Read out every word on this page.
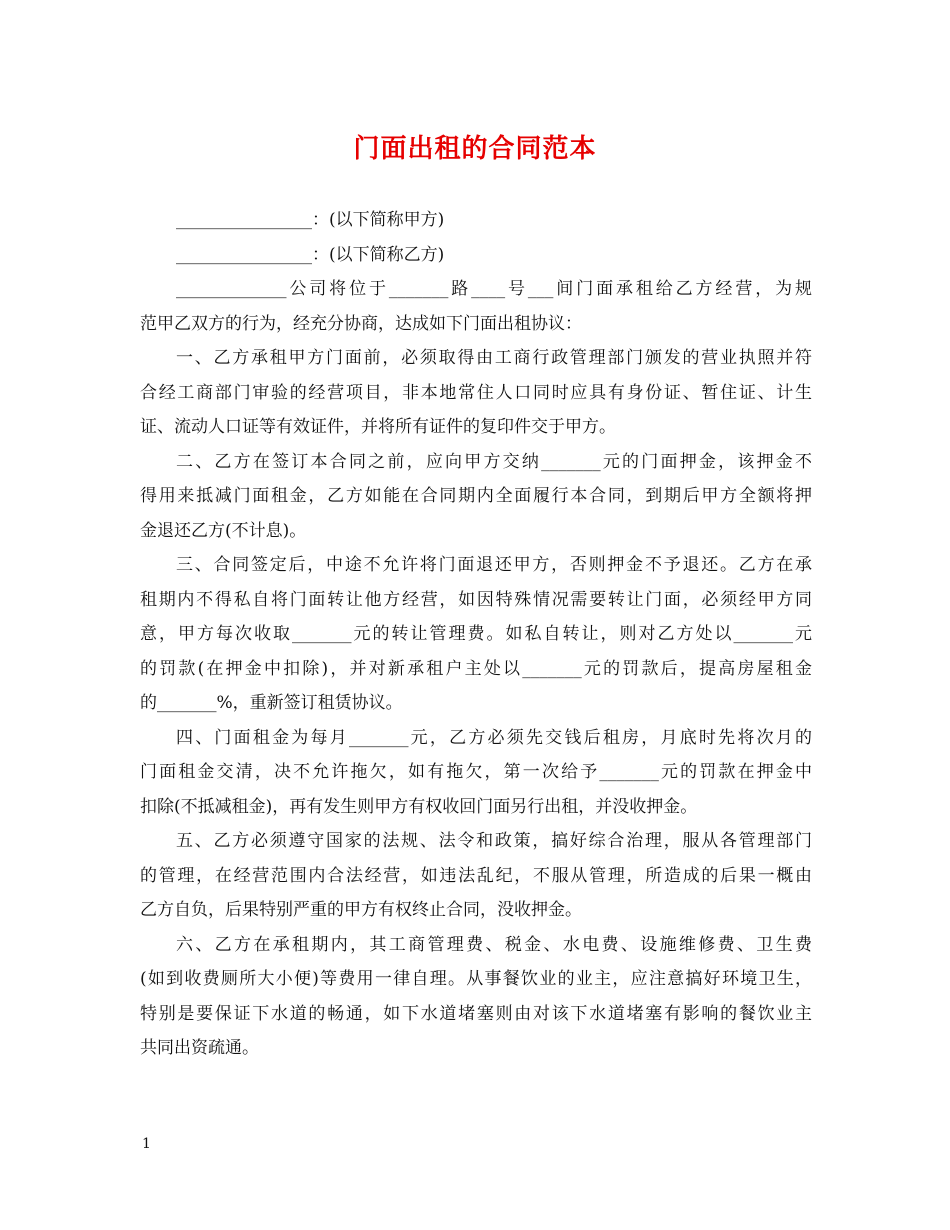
门面出租的合同范本
________________：(以下简称甲方)
________________：(以下简称乙方)
_____________公司将位于_______路____号___间门面承租给乙方经营，为规
范甲乙双方的行为，经充分协商，达成如下门面出租协议：
一、乙方承租甲方门面前，必须取得由工商行政管理部门颁发的营业执照并符
合经工商部门审验的经营项目，非本地常住人口同时应具有身份证、暂住证、计生
证、流动人口证等有效证件，并将所有证件的复印件交于甲方。
二、乙方在签订本合同之前，应向甲方交纳_______元的门面押金，该押金不
得用来抵减门面租金，乙方如能在合同期内全面履行本合同，到期后甲方全额将押
金退还乙方(不计息)。
三、合同签定后，中途不允许将门面退还甲方，否则押金不予退还。乙方在承
租期内不得私自将门面转让他方经营，如因特殊情况需要转让门面，必须经甲方同
意，甲方每次收取_______元的转让管理费。如私自转让，则对乙方处以_______元
的罚款(在押金中扣除)，并对新承租户主处以_______元的罚款后，提高房屋租金
的_______%，重新签订租赁协议。
四、门面租金为每月_______元，乙方必须先交钱后租房，月底时先将次月的
门面租金交清，决不允许拖欠，如有拖欠，第一次给予_______元的罚款在押金中
扣除(不抵减租金)，再有发生则甲方有权收回门面另行出租，并没收押金。
五、乙方必须遵守国家的法规、法令和政策，搞好综合治理，服从各管理部门
的管理，在经营范围内合法经营，如违法乱纪，不服从管理，所造成的后果一概由
乙方自负，后果特别严重的甲方有权终止合同，没收押金。
六、乙方在承租期内，其工商管理费、税金、水电费、设施维修费、卫生费
(如到收费厕所大小便)等费用一律自理。从事餐饮业的业主，应注意搞好环境卫生，
特别是要保证下水道的畅通，如下水道堵塞则由对该下水道堵塞有影响的餐饮业主
共同出资疏通。
1
